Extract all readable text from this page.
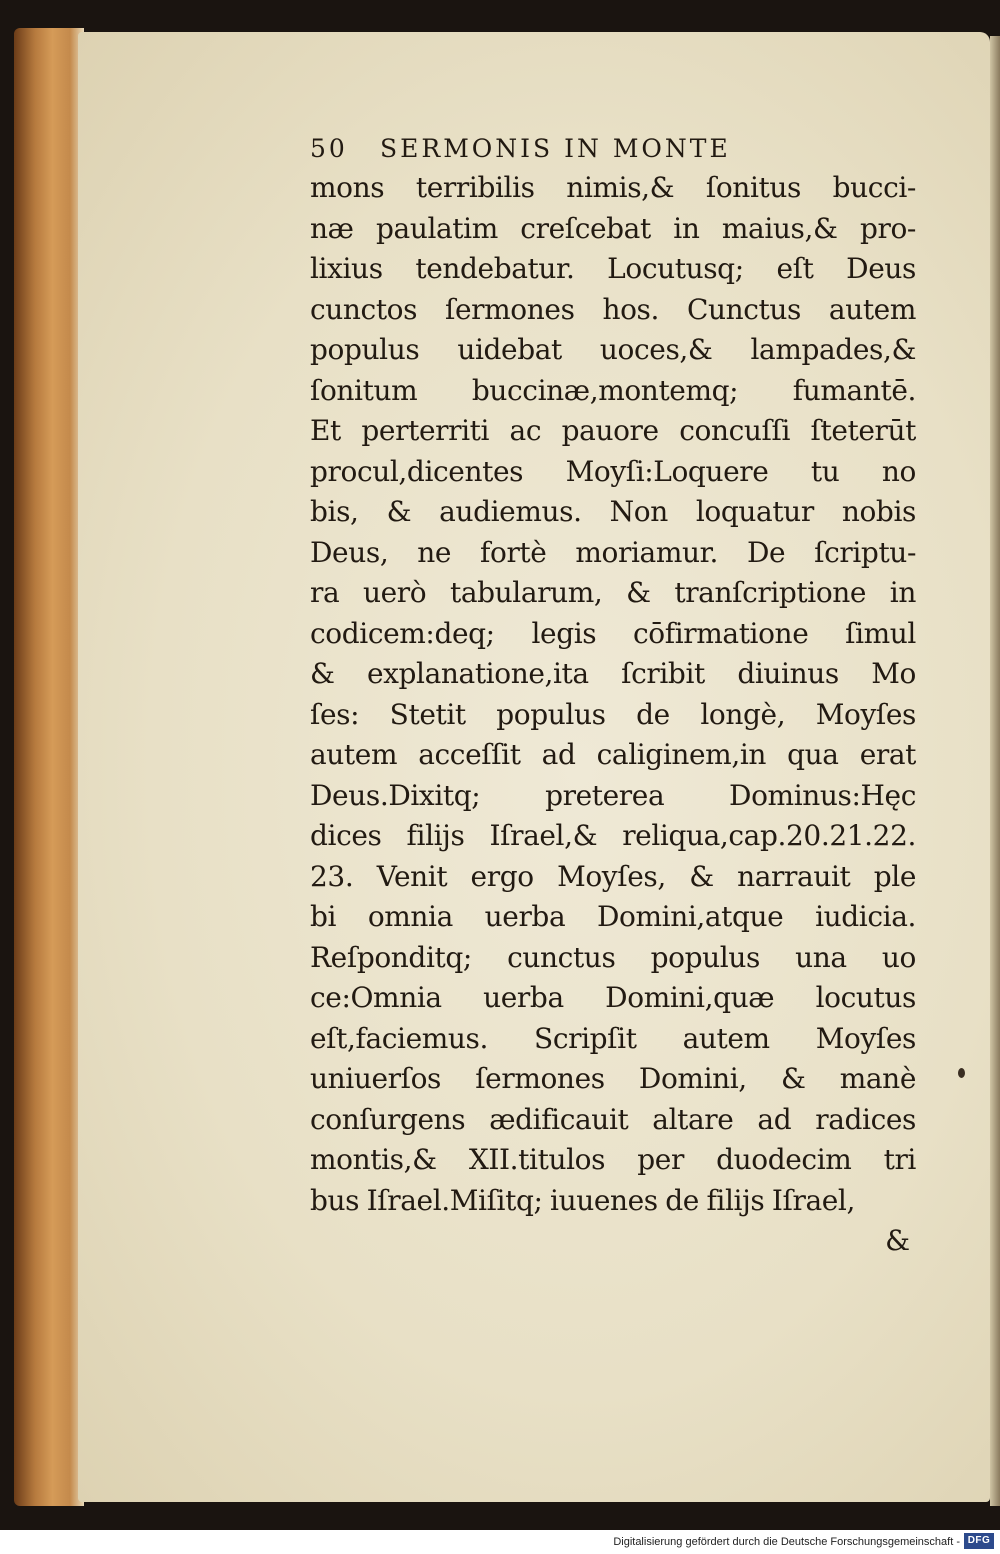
50	SERMONIS IN MONTE
mons terribilis nimis,& ſonitus bucci-
næ paulatim creſcebat in maius,& pro-
lixius tendebatur. Locutusq; eſt Deus
cunctos ſermones hos. Cunctus autem
populus uidebat uoces,& lampades,&
ſonitum buccinæ,montemq; fumantē.
Et perterriti ac pauore concuſſi ſteterūt
procul,dicentes Moyſi:Loquere tu no
bis, & audiemus. Non loquatur nobis
Deus, ne fortè moriamur. De ſcriptu-
ra uerò tabularum, & tranſcriptione in
codicem:deq; legis cōfirmatione ſimul
& explanatione,ita ſcribit diuinus Mo
ſes: Stetit populus de longè, Moyſes
autem acceſſit ad caliginem,in qua erat
Deus.Dixitq; preterea Dominus:Hęc
dices filijs Iſrael,& reliqua,cap.20.21.22.
23. Venit ergo Moyſes, & narrauit ple
bi omnia uerba Domini,atque iudicia.
Reſponditq; cunctus populus una uo
ce:Omnia uerba Domini,quæ locutus
eſt,faciemus. Scripſit autem Moyſes
uniuerſos ſermones Domini, & manè
conſurgens ædificauit altare ad radices
montis,& XII.titulos per duodecim tri
bus Iſrael.Miſitq; iuuenes de filijs Iſrael,
&
Digitalisierung gefördert durch die Deutsche Forschungsgemeinschaft - DFG
